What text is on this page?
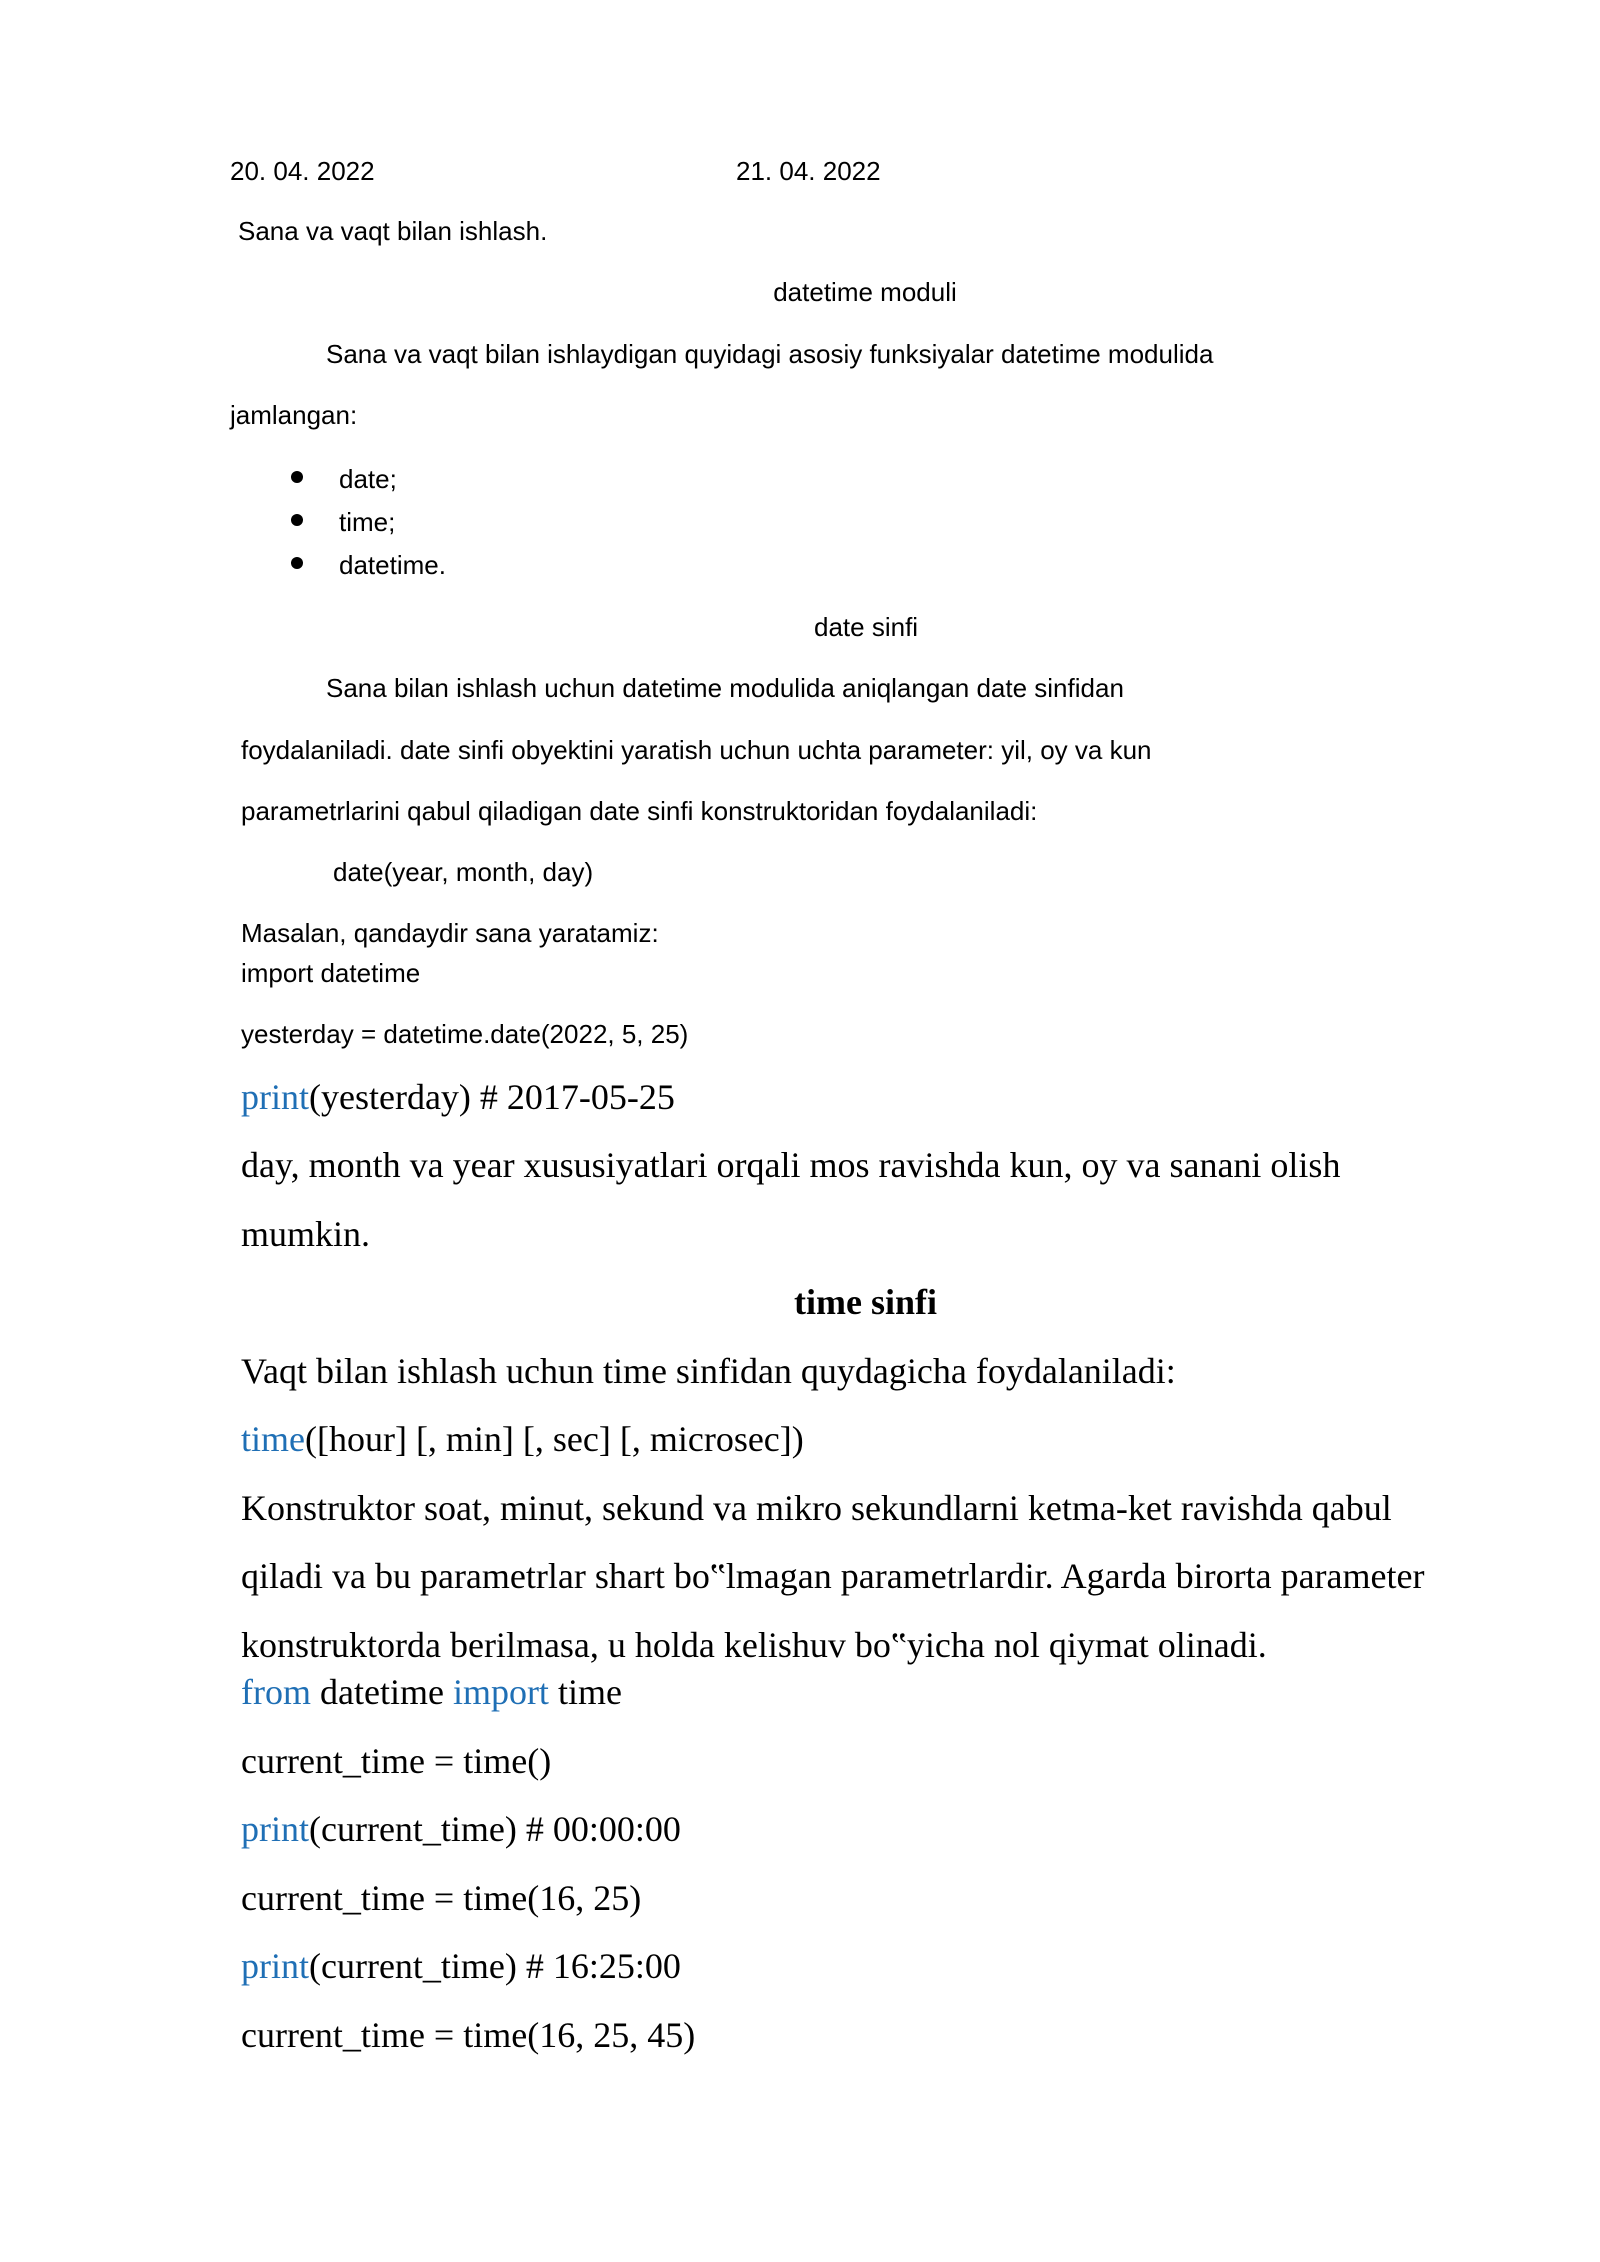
20. 04. 2022	21. 04. 2022
Sana va vaqt bilan ishlash.
datetime moduli
Sana va vaqt bilan ishlaydigan quyidagi asosiy funksiyalar datetime modulida
jamlangan:
date;
time;
datetime.
date sinfi
Sana bilan ishlash uchun datetime modulida aniqlangan date sinfidan
foydalaniladi. date sinfi obyektini yaratish uchun uchta parameter: yil, oy va kun
parametrlarini qabul qiladigan date sinfi konstruktoridan foydalaniladi:
date(year, month, day)
Masalan, qandaydir sana yaratamiz:
import datetime
yesterday = datetime.date(2022, 5, 25)
print(yesterday) # 2017-05-25
day, month va year xususiyatlari orqali mos ravishda kun, oy va sanani olish
mumkin.
time sinfi
Vaqt bilan ishlash uchun time sinfidan quydagicha foydalaniladi:
time([hour] [, min] [, sec] [, microsec])
Konstruktor soat, minut, sekund va mikro sekundlarni ketma-ket ravishda qabul
qiladi va bu parametrlar shart bo‟lmagan parametrlardir. Agarda birorta parameter
konstruktorda berilmasa, u holda kelishuv bo‟yicha nol qiymat olinadi.
from datetime import time
current_time = time()
print(current_time) # 00:00:00
current_time = time(16, 25)
print(current_time) # 16:25:00
current_time = time(16, 25, 45)
